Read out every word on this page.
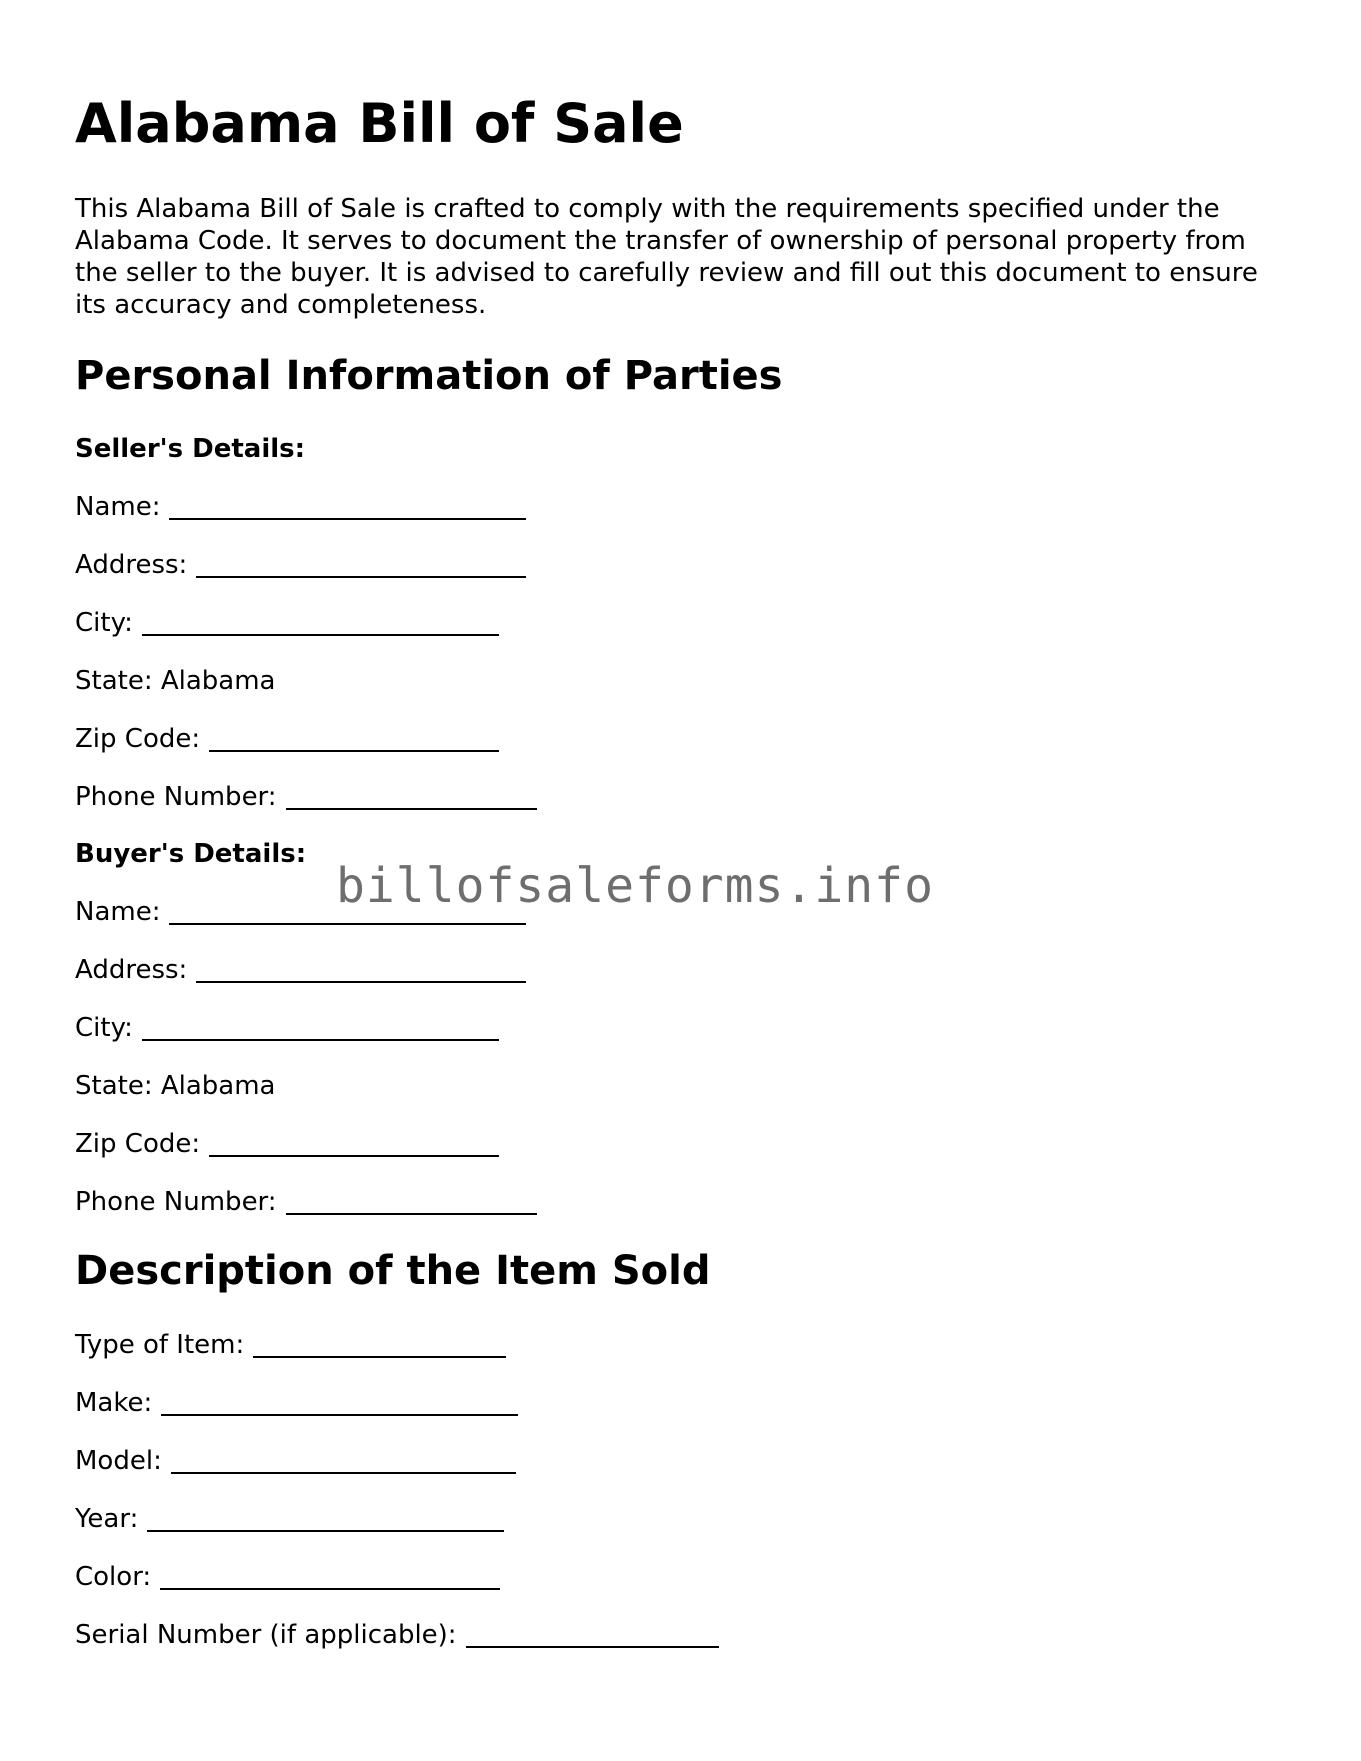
Alabama Bill of Sale

This Alabama Bill of Sale is crafted to comply with the requirements specified under the Alabama Code. It serves to document the transfer of ownership of personal property from the seller to the buyer. It is advised to carefully review and fill out this document to ensure its accuracy and completeness.

Personal Information of Parties

Seller's Details:

Name:
Address:
City:
State: Alabama
Zip Code:
Phone Number:

Buyer's Details:

Name:
Address:
City:
State: Alabama
Zip Code:
Phone Number:
Description of the Item Sold
Type of Item:
Make:
Model:
Year:
Color:
Serial Number (if applicable):
billofsaleforms.info
